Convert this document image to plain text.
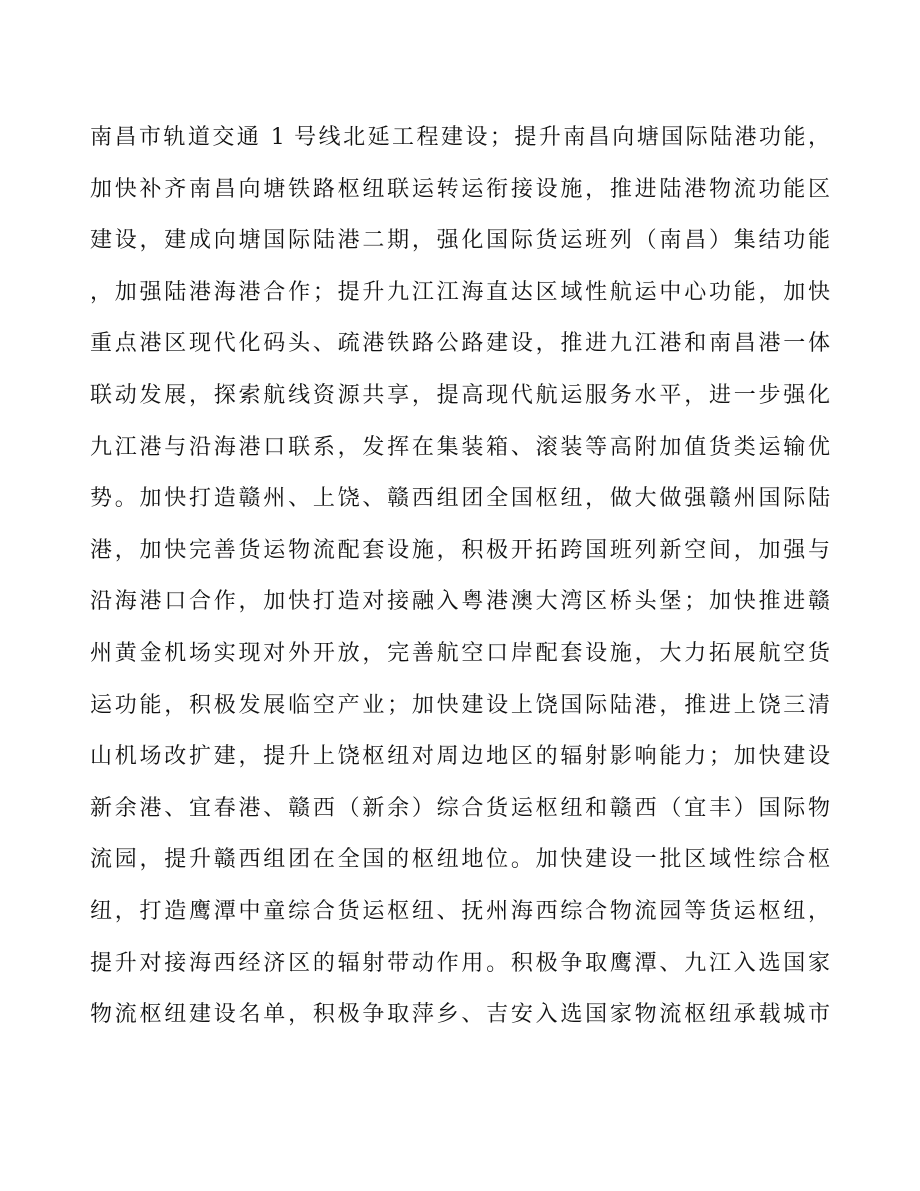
南昌市轨道交通 1 号线北延工程建设；提升南昌向塘国际陆港功能，
加快补齐南昌向塘铁路枢纽联运转运衔接设施，推进陆港物流功能区
建设，建成向塘国际陆港二期，强化国际货运班列（南昌）集结功能
，加强陆港海港合作；提升九江江海直达区域性航运中心功能，加快
重点港区现代化码头、疏港铁路公路建设，推进九江港和南昌港一体
联动发展，探索航线资源共享，提高现代航运服务水平，进一步强化
九江港与沿海港口联系，发挥在集装箱、滚装等高附加值货类运输优
势。加快打造赣州、上饶、赣西组团全国枢纽，做大做强赣州国际陆
港，加快完善货运物流配套设施，积极开拓跨国班列新空间，加强与
沿海港口合作，加快打造对接融入粤港澳大湾区桥头堡；加快推进赣
州黄金机场实现对外开放，完善航空口岸配套设施，大力拓展航空货
运功能，积极发展临空产业；加快建设上饶国际陆港，推进上饶三清
山机场改扩建，提升上饶枢纽对周边地区的辐射影响能力；加快建设
新余港、宜春港、赣西（新余）综合货运枢纽和赣西（宜丰）国际物
流园，提升赣西组团在全国的枢纽地位。加快建设一批区域性综合枢
纽，打造鹰潭中童综合货运枢纽、抚州海西综合物流园等货运枢纽，
提升对接海西经济区的辐射带动作用。积极争取鹰潭、九江入选国家
物流枢纽建设名单，积极争取萍乡、吉安入选国家物流枢纽承载城市
